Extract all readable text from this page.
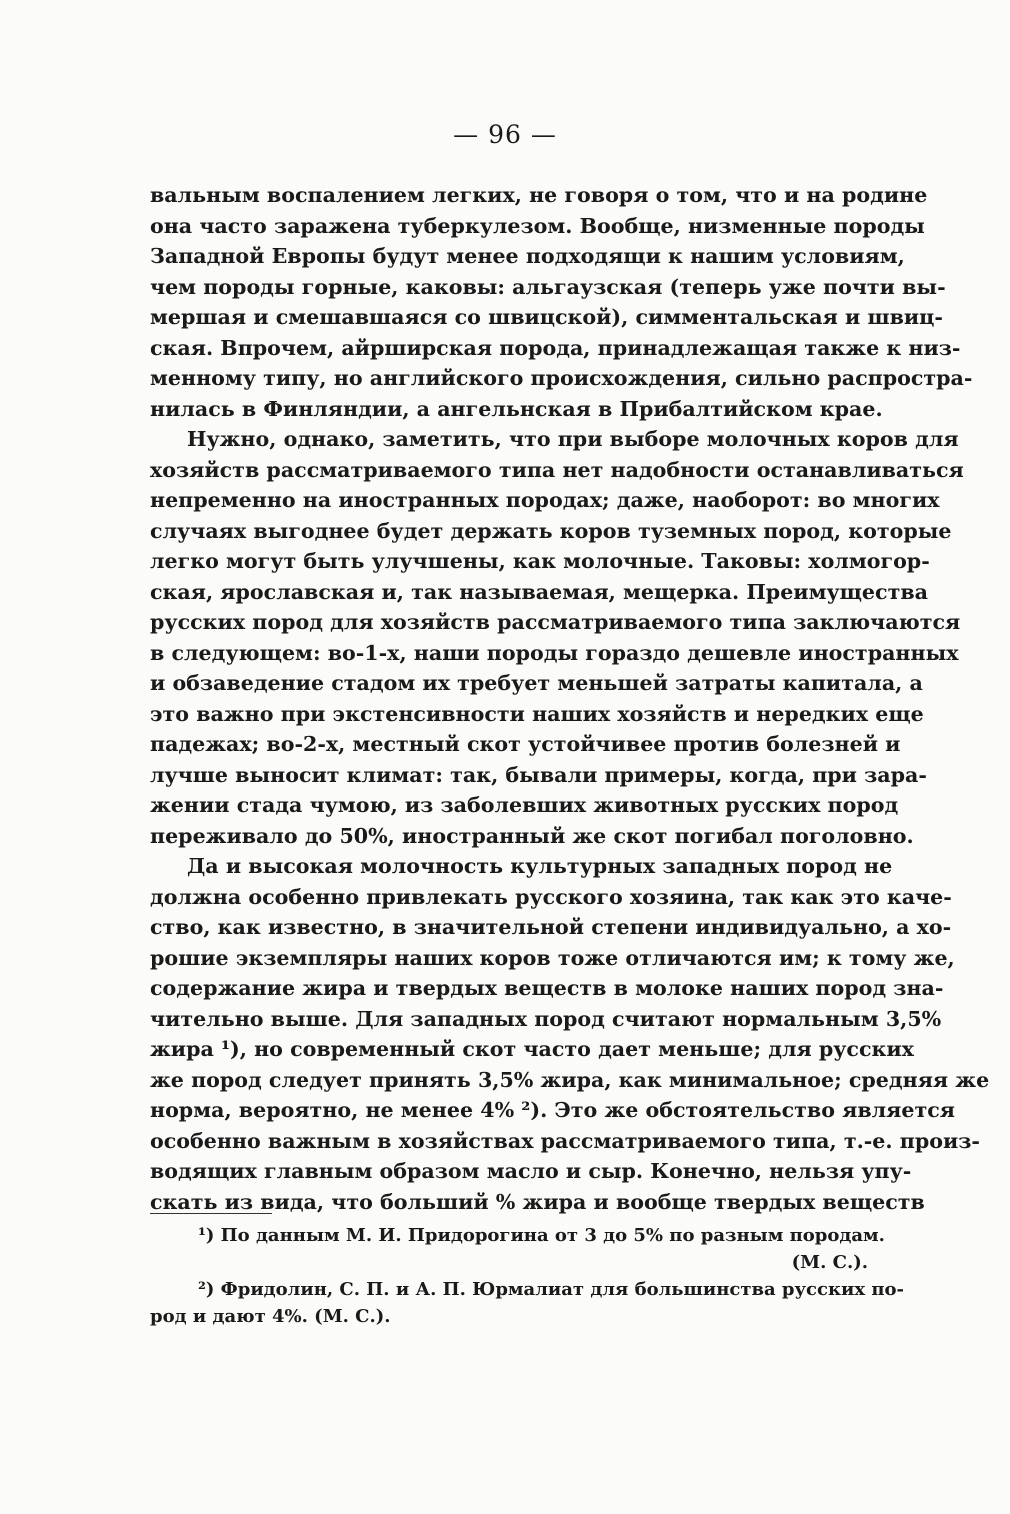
— 96 —
вальным воспалением легких, не говоря о том, что и на родине
она часто заражена туберкулезом. Вообще, низменные породы
Западной Европы будут менее подходящи к нашим условиям,
чем породы горные, каковы: альгаузская (теперь уже почти вы-
мершая и смешавшаяся со швицской), симментальская и швиц-
ская. Впрочем, айрширская порода, принадлежащая также к низ-
менному типу, но английского происхождения, сильно распростра-
нилась в Финляндии, а ангельнская в Прибалтийском крае.
Нужно, однако, заметить, что при выборе молочных коров для
хозяйств рассматриваемого типа нет надобности останавливаться
непременно на иностранных породах; даже, наоборот: во многих
случаях выгоднее будет держать коров туземных пород, которые
легко могут быть улучшены, как молочные. Таковы: холмогор-
ская, ярославская и, так называемая, мещерка. Преимущества
русских пород для хозяйств рассматриваемого типа заключаются
в следующем: во-1-х, наши породы гораздо дешевле иностранных
и обзаведение стадом их требует меньшей затраты капитала, а
это важно при экстенсивности наших хозяйств и нередких еще
падежах; во-2-х, местный скот устойчивее против болезней и
лучше выносит климат: так, бывали примеры, когда, при зара-
жении стада чумою, из заболевших животных русских пород
переживало до 50%, иностранный же скот погибал поголовно.
Да и высокая молочность культурных западных пород не
должна особенно привлекать русского хозяина, так как это каче-
ство, как известно, в значительной степени индивидуально, а хо-
рошие экземпляры наших коров тоже отличаются им; к тому же,
содержание жира и твердых веществ в молоке наших пород зна-
чительно выше. Для западных пород считают нормальным 3,5%
жира ¹), но современный скот часто дает меньше; для русских
же пород следует принять 3,5% жира, как минимальное; средняя же
норма, вероятно, не менее 4% ²). Это же обстоятельство является
особенно важным в хозяйствах рассматриваемого типа, т.-е. произ-
водящих главным образом масло и сыр. Конечно, нельзя упу-
скать из вида, что больший % жира и вообще твердых веществ
¹) По данным М. И. Придорогина от 3 до 5% по разным породам.
(М. С.).
²) Фридолин, С. П. и А. П. Юрмалиат для большинства русских по-
род и дают 4%. (М. С.).
